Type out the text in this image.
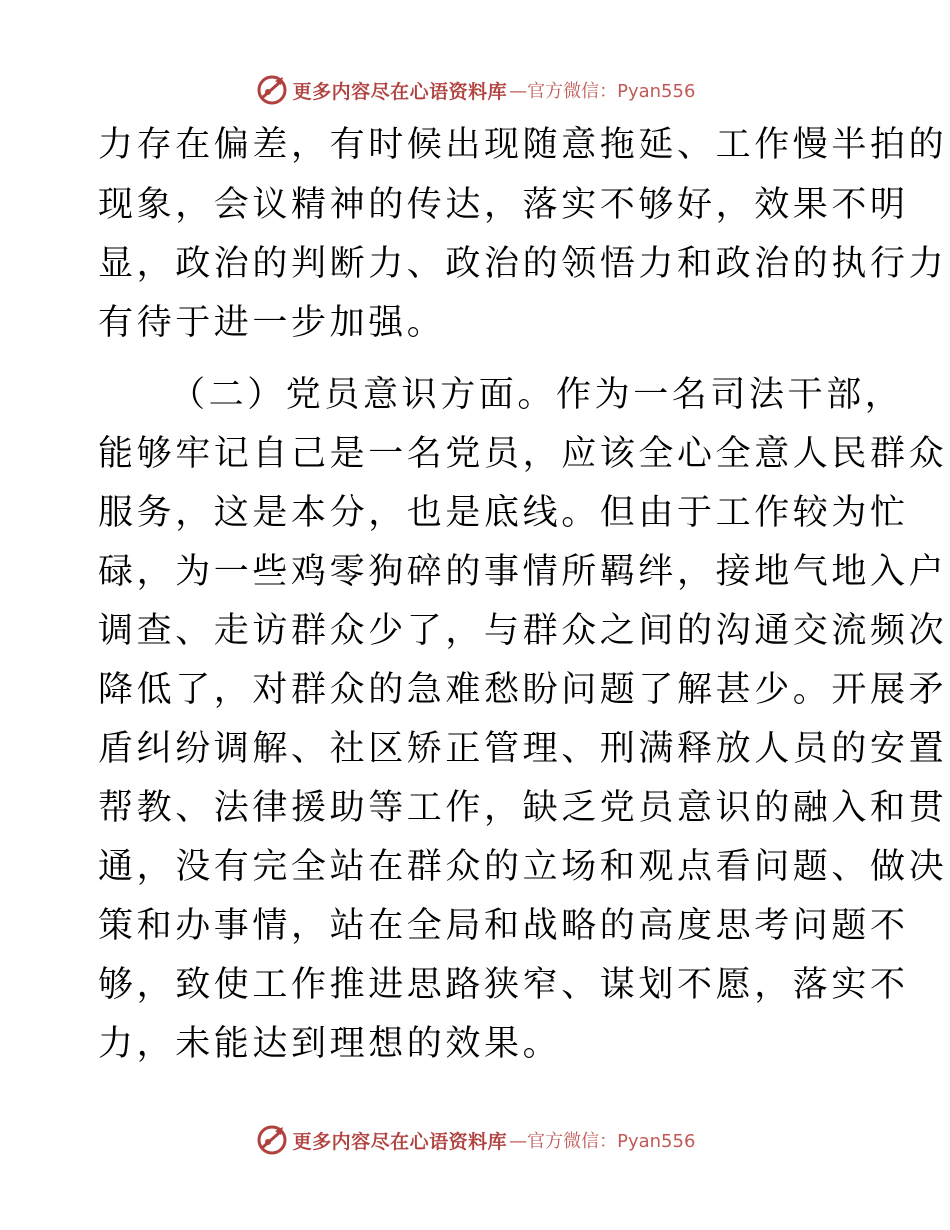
更多内容尽在心语资料库 —官方微信：Pyan556
力存在偏差，有时候出现随意拖延、工作慢半拍的
现象，会议精神的传达，落实不够好，效果不明
显，政治的判断力、政治的领悟力和政治的执行力
有待于进一步加强。
（二）党员意识方面。作为一名司法干部，
能够牢记自己是一名党员，应该全心全意人民群众
服务，这是本分，也是底线。但由于工作较为忙
碌，为一些鸡零狗碎的事情所羁绊，接地气地入户
调查、走访群众少了，与群众之间的沟通交流频次
降低了，对群众的急难愁盼问题了解甚少。开展矛
盾纠纷调解、社区矫正管理、刑满释放人员的安置
帮教、法律援助等工作，缺乏党员意识的融入和贯
通，没有完全站在群众的立场和观点看问题、做决
策和办事情，站在全局和战略的高度思考问题不
够，致使工作推进思路狭窄、谋划不愿，落实不
力，未能达到理想的效果。
更多内容尽在心语资料库 —官方微信：Pyan556
